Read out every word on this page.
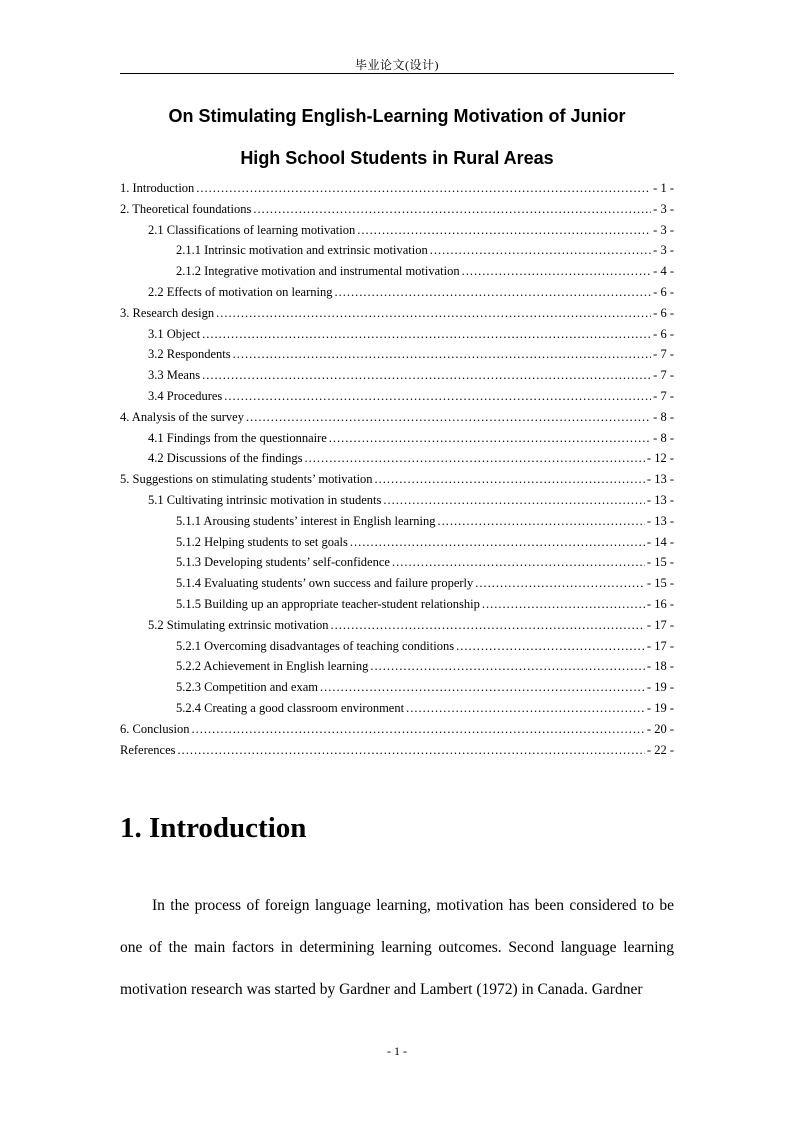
毕业论文(设计)
On Stimulating English-Learning Motivation of Junior
High School Students in Rural Areas
1. Introduction .....	- 1 -
2. Theoretical foundations .....	- 3 -
2.1 Classifications of learning motivation .....	- 3 -
2.1.1 Intrinsic motivation and extrinsic motivation .....	- 3 -
2.1.2 Integrative motivation and instrumental motivation .....	- 4 -
2.2 Effects of motivation on learning .....	- 6 -
3. Research design .....	- 6 -
3.1 Object .....	- 6 -
3.2 Respondents .....	- 7 -
3.3 Means .....	- 7 -
3.4 Procedures .....	- 7 -
4. Analysis of the survey .....	- 8 -
4.1 Findings from the questionnaire .....	- 8 -
4.2 Discussions of the findings .....	- 12 -
5. Suggestions on stimulating students’ motivation .....	- 13 -
5.1 Cultivating intrinsic motivation in students .....	- 13 -
5.1.1 Arousing students’ interest in English learning .....	- 13 -
5.1.2 Helping students to set goals .....	- 14 -
5.1.3 Developing students’ self-confidence .....	- 15 -
5.1.4 Evaluating students’ own success and failure properly .....	- 15 -
5.1.5 Building up an appropriate teacher-student relationship .....	- 16 -
5.2 Stimulating extrinsic motivation .....	- 17 -
5.2.1 Overcoming disadvantages of teaching conditions .....	- 17 -
5.2.2 Achievement in English learning .....	- 18 -
5.2.3 Competition and exam .....	- 19 -
5.2.4 Creating a good classroom environment .....	- 19 -
6. Conclusion .....	- 20 -
References .....	- 22 -
1. Introduction

In the process of foreign language learning, motivation has been considered to be one of the main factors in determining learning outcomes. Second language learning motivation research was started by Gardner and Lambert (1972) in Canada. Gardner

- 1 -
